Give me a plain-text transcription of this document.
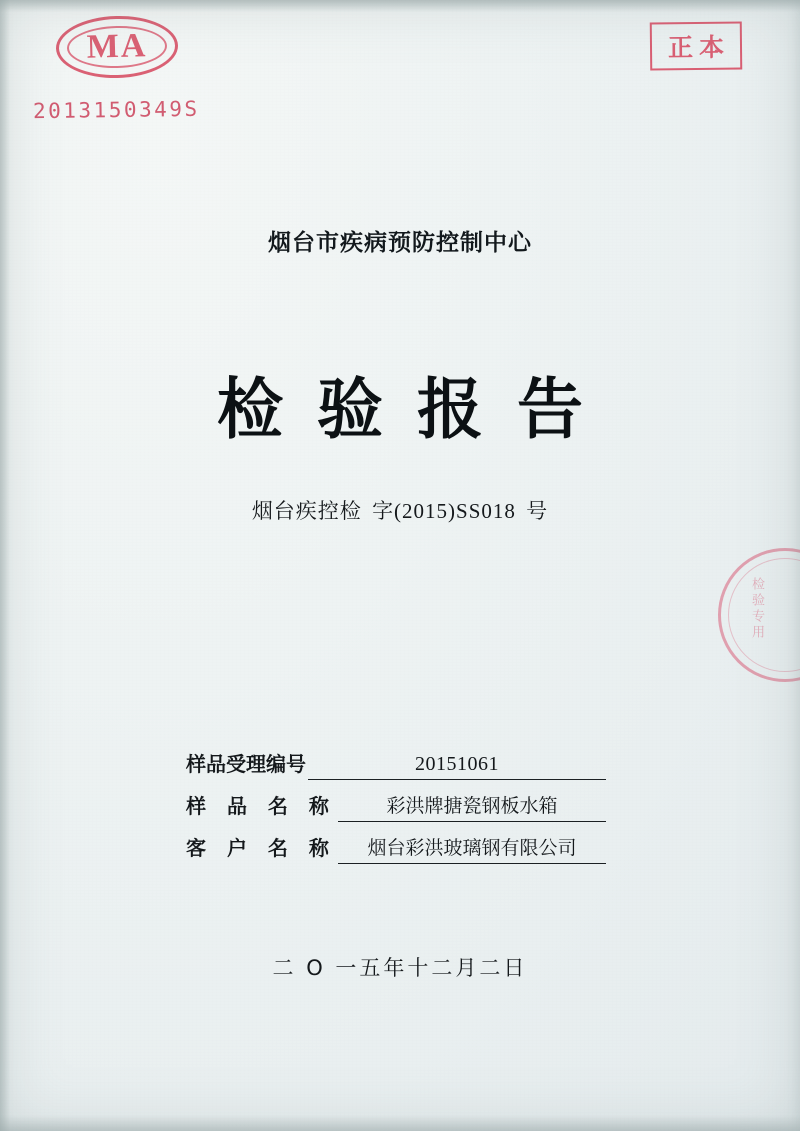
MA
2013150349S
正本
检验专用
烟台市疾病预防控制中心
检验报告
烟台疾控检 字(2015)SS018 号
样品受理编号	20151061
样 品 名 称	彩洪牌搪瓷钢板水箱
客 户 名 称	烟台彩洪玻璃钢有限公司
二 O 一五年十二月二日
